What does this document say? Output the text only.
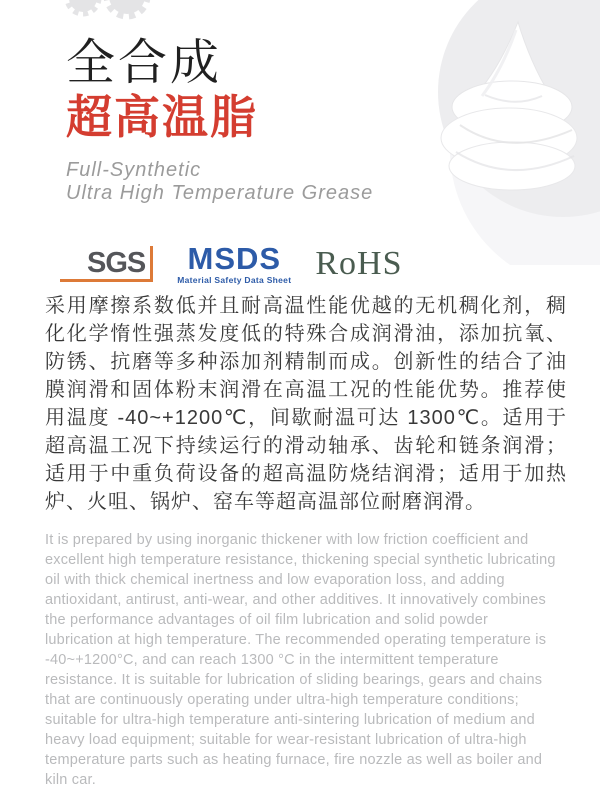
全合成
超高温脂
Full-Synthetic
Ultra High Temperature Grease
SGS	MSDS
Material Safety Data Sheet RoHS

采用摩擦系数低并且耐高温性能优越的无机稠化剂，稠化化学惰性强蒸发度低的特殊合成润滑油，添加抗氧、防锈、抗磨等多种添加剂精制而成。创新性的结合了油膜润滑和固体粉末润滑在高温工况的性能优势。推荐使用温度 -40~+1200℃，间歇耐温可达 1300℃。适用于超高温工况下持续运行的滑动轴承、齿轮和链条润滑；适用于中重负荷设备的超高温防烧结润滑；适用于加热炉、火咀、锅炉、窑车等超高温部位耐磨润滑。

It is prepared by using inorganic thickener with low friction coefficient and excellent high temperature resistance, thickening special synthetic lubricating oil with thick chemical inertness and low evaporation loss, and adding antioxidant, antirust, anti-wear, and other additives. It innovatively combines the performance advantages of oil film lubrication and solid powder lubrication at high temperature. The recommended operating temperature is -40~+1200°C, and can reach 1300 °C in the intermittent temperature resistance. It is suitable for lubrication of sliding bearings, gears and chains that are continuously operating under ultra-high temperature conditions; suitable for ultra-high temperature anti-sintering lubrication of medium and heavy load equipment; suitable for wear-resistant lubrication of ultra-high temperature parts such as heating furnace, fire nozzle as well as boiler and kiln car.
